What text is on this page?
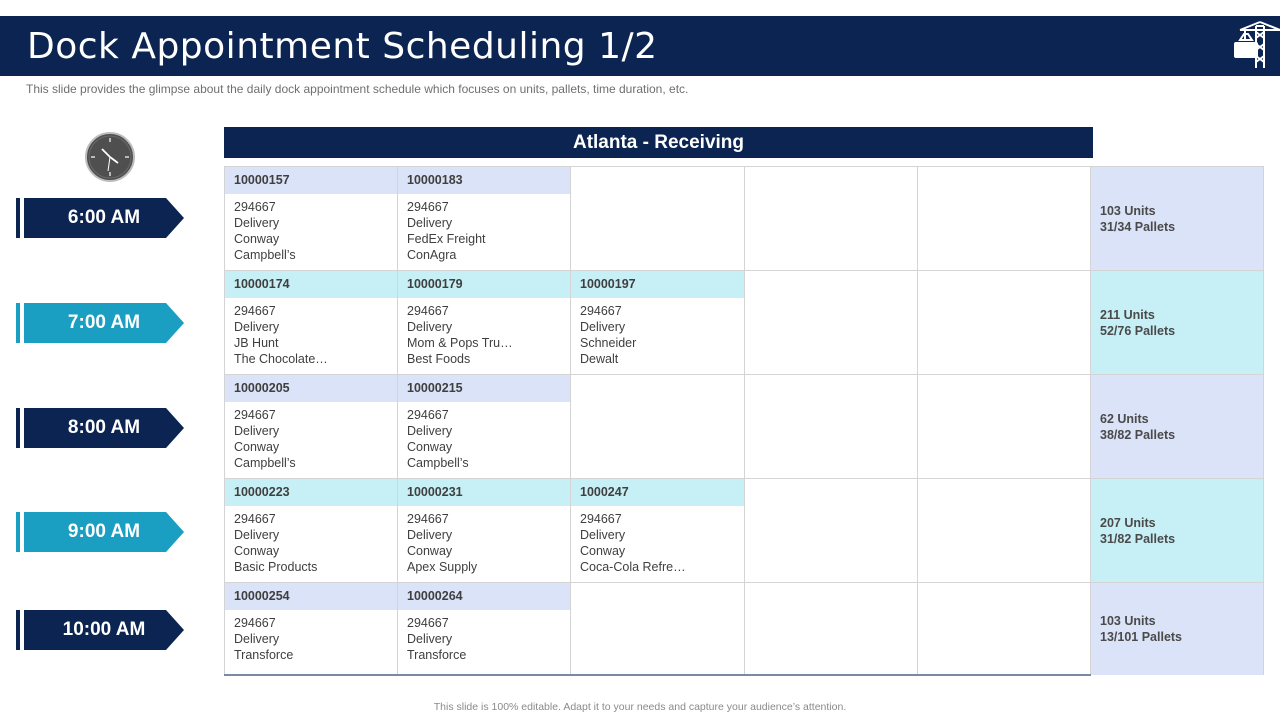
Dock Appointment Scheduling 1/2
This slide provides the glimpse about the daily dock appointment schedule which focuses on units, pallets, time duration, etc.
6:00 AM
7:00 AM
8:00 AM
9:00 AM
10:00 AM
Atlanta - Receiving
103 Units
31/34 Pallets
211 Units
52/76 Pallets
62 Units
38/82 Pallets
207 Units
31/82 Pallets
103 Units
13/101 Pallets
10000157
294667
Delivery
Conway
Campbell’s
10000183
294667
Delivery
FedEx Freight
ConAgra
10000174
294667
Delivery
JB Hunt
The Chocolate…
10000179
294667
Delivery
Mom & Pops Tru…
Best Foods
10000197
294667
Delivery
Schneider
Dewalt
10000205
294667
Delivery
Conway
Campbell’s
10000215
294667
Delivery
Conway
Campbell’s
10000223
294667
Delivery
Conway
Basic Products
10000231
294667
Delivery
Conway
Apex Supply
1000247
294667
Delivery
Conway
Coca-Cola Refre…
10000254
294667
Delivery
Transforce
10000264
294667
Delivery
Transforce
This slide is 100% editable. Adapt it to your needs and capture your audience’s attention.
